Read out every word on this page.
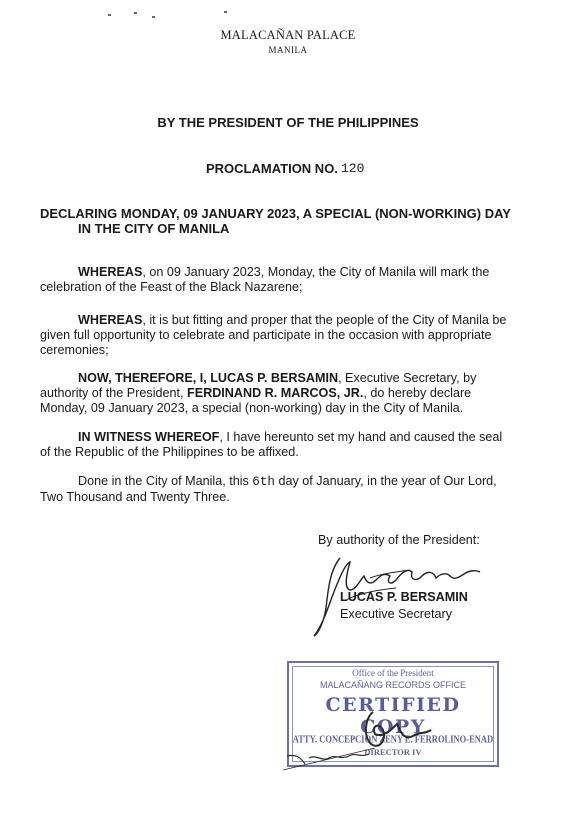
MALACAÑAN PALACE
MANILA
BY THE PRESIDENT OF THE PHILIPPINES
PROCLAMATION NO. 120
DECLARING MONDAY, 09 JANUARY 2023, A SPECIAL (NON-WORKING) DAY
IN THE CITY OF MANILA
WHEREAS, on 09 January 2023, Monday, the City of Manila will mark the
celebration of the Feast of the Black Nazarene;
WHEREAS, it is but fitting and proper that the people of the City of Manila be
given full opportunity to celebrate and participate in the occasion with appropriate
ceremonies;
NOW, THEREFORE, I, LUCAS P. BERSAMIN, Executive Secretary, by
authority of the President, FERDINAND R. MARCOS, JR., do hereby declare
Monday, 09 January 2023, a special (non-working) day in the City of Manila.
IN WITNESS WHEREOF, I have hereunto set my hand and caused the seal
of the Republic of the Philippines to be affixed.
Done in the City of Manila, this 6th day of January, in the year of Our Lord,
Two Thousand and Twenty Three.
By authority of the President:
LUCAS P. BERSAMIN
Executive Secretary
Office of the President
MALACAÑANG RECORDS OFFICE
CERTIFIED COPY
ATTY. CONCEPCION ZENY E. FERROLINO-ENAD
DIRECTOR IV
